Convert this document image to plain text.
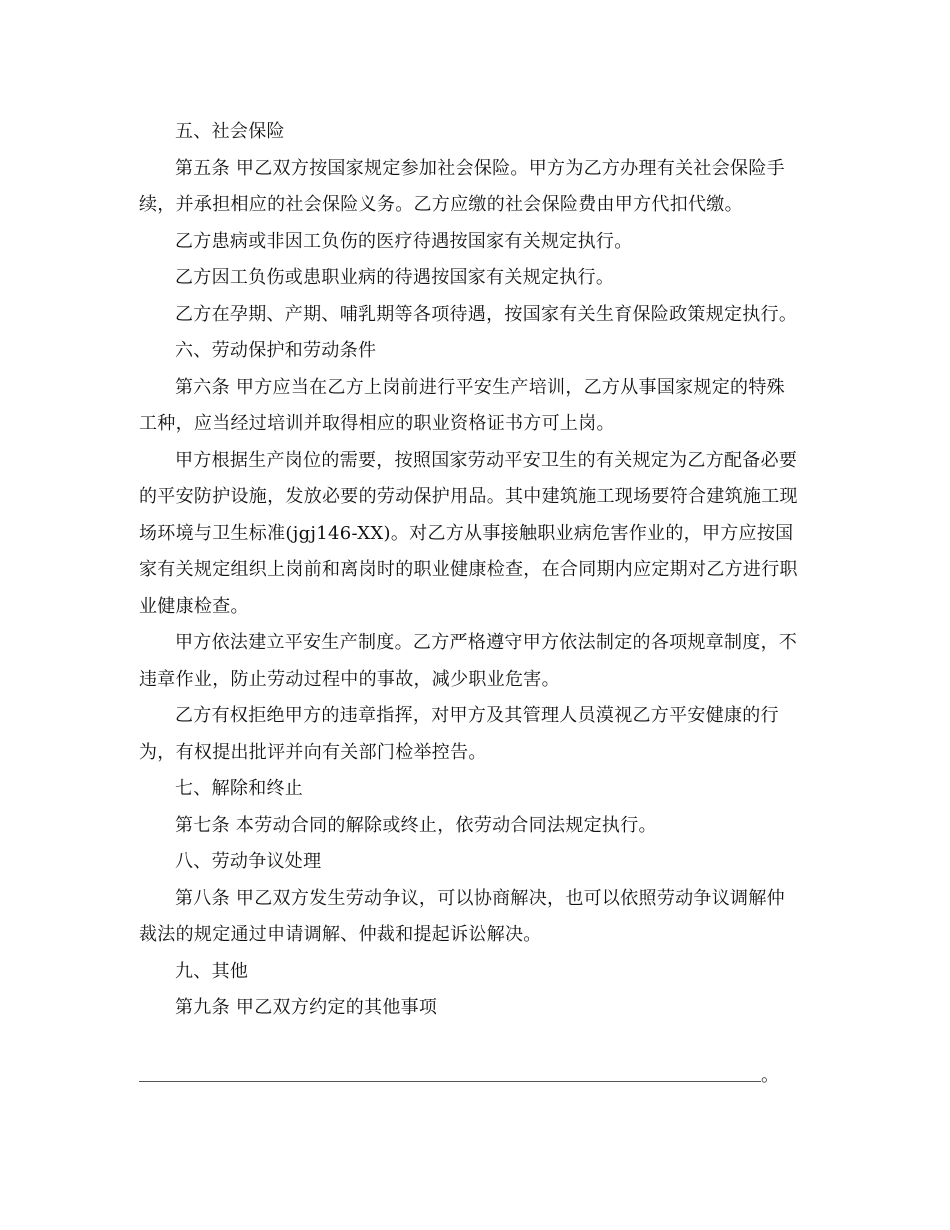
五、社会保险
第五条 甲乙双方按国家规定参加社会保险。甲方为乙方办理有关社会保险手
续，并承担相应的社会保险义务。乙方应缴的社会保险费由甲方代扣代缴。
乙方患病或非因工负伤的医疗待遇按国家有关规定执行。
乙方因工负伤或患职业病的待遇按国家有关规定执行。
乙方在孕期、产期、哺乳期等各项待遇，按国家有关生育保险政策规定执行。
六、劳动保护和劳动条件
第六条 甲方应当在乙方上岗前进行平安生产培训，乙方从事国家规定的特殊
工种，应当经过培训并取得相应的职业资格证书方可上岗。
甲方根据生产岗位的需要，按照国家劳动平安卫生的有关规定为乙方配备必要
的平安防护设施，发放必要的劳动保护用品。其中建筑施工现场要符合建筑施工现
场环境与卫生标准(jgj146-XX)。对乙方从事接触职业病危害作业的，甲方应按国
家有关规定组织上岗前和离岗时的职业健康检查，在合同期内应定期对乙方进行职
业健康检查。
甲方依法建立平安生产制度。乙方严格遵守甲方依法制定的各项规章制度，不
违章作业，防止劳动过程中的事故，减少职业危害。
乙方有权拒绝甲方的违章指挥，对甲方及其管理人员漠视乙方平安健康的行
为，有权提出批评并向有关部门检举控告。
七、解除和终止
第七条 本劳动合同的解除或终止，依劳动合同法规定执行。
八、劳动争议处理
第八条 甲乙双方发生劳动争议，可以协商解决，也可以依照劳动争议调解仲
裁法的规定通过申请调解、仲裁和提起诉讼解决。
九、其他
第九条 甲乙双方约定的其他事项
。
